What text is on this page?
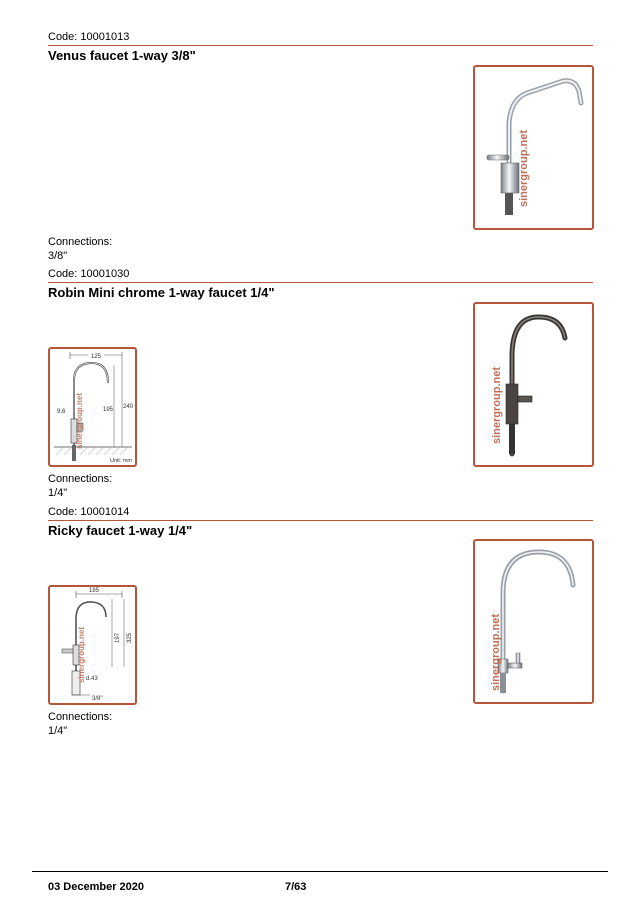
Code: 10001013
Venus faucet 1-way 3/8"
sinergroup.net
Connections:
3/8"
Code: 10001030
Robin Mini chrome 1-way faucet 1/4"
125
195 240
9,6
Unit: mm
sinergroup.net	sinergroup.net
Connections:
1/4"
Code: 10001014
Ricky faucet 1-way 1/4"
185
197 325
d.43
3/8"
sinergroup.net	sinergroup.net
Connections:
1/4"
03 December 2020	7/63
